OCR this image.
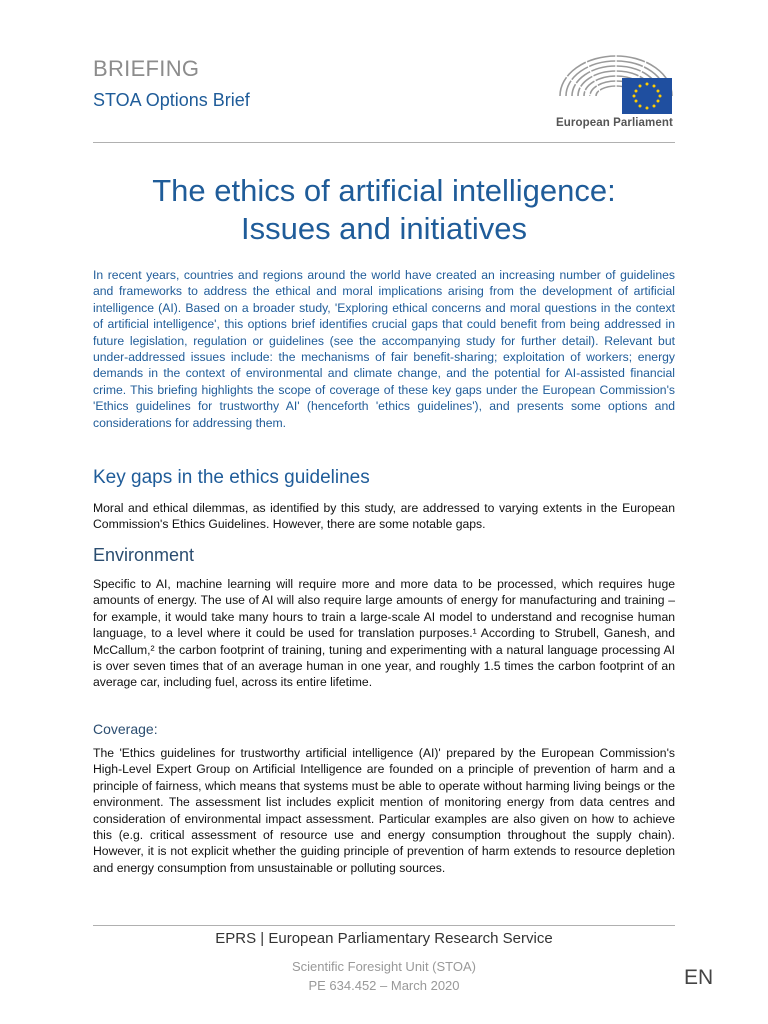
BRIEFING
STOA Options Brief
European Parliament
The ethics of artificial intelligence:
Issues and initiatives
In recent years, countries and regions around the world have created an increasing number of guidelines and frameworks to address the ethical and moral implications arising from the development of artificial intelligence (AI). Based on a broader study, 'Exploring ethical concerns and moral questions in the context of artificial intelligence', this options brief identifies crucial gaps that could benefit from being addressed in future legislation, regulation or guidelines (see the accompanying study for further detail). Relevant but under-addressed issues include: the mechanisms of fair benefit-sharing; exploitation of workers; energy demands in the context of environmental and climate change, and the potential for AI-assisted financial crime. This briefing highlights the scope of coverage of these key gaps under the European Commission's 'Ethics guidelines for trustworthy AI' (henceforth 'ethics guidelines'), and presents some options and considerations for addressing them.
Key gaps in the ethics guidelines
Moral and ethical dilemmas, as identified by this study, are addressed to varying extents in the European Commission's Ethics Guidelines. However, there are some notable gaps.
Environment
Specific to AI, machine learning will require more and more data to be processed, which requires huge amounts of energy. The use of AI will also require large amounts of energy for manufacturing and training – for example, it would take many hours to train a large-scale AI model to understand and recognise human language, to a level where it could be used for translation purposes.¹ According to Strubell, Ganesh, and McCallum,² the carbon footprint of training, tuning and experimenting with a natural language processing AI is over seven times that of an average human in one year, and roughly 1.5 times the carbon footprint of an average car, including fuel, across its entire lifetime.
Coverage:
The 'Ethics guidelines for trustworthy artificial intelligence (AI)' prepared by the European Commission's High-Level Expert Group on Artificial Intelligence are founded on a principle of prevention of harm and a principle of fairness, which means that systems must be able to operate without harming living beings or the environment. The assessment list includes explicit mention of monitoring energy from data centres and consideration of environmental impact assessment. Particular examples are also given on how to achieve this (e.g. critical assessment of resource use and energy consumption throughout the supply chain). However, it is not explicit whether the guiding principle of prevention of harm extends to resource depletion and energy consumption from unsustainable or polluting sources.
EPRS | European Parliamentary Research Service
Scientific Foresight Unit (STOA)
PE 634.452 – March 2020	EN
